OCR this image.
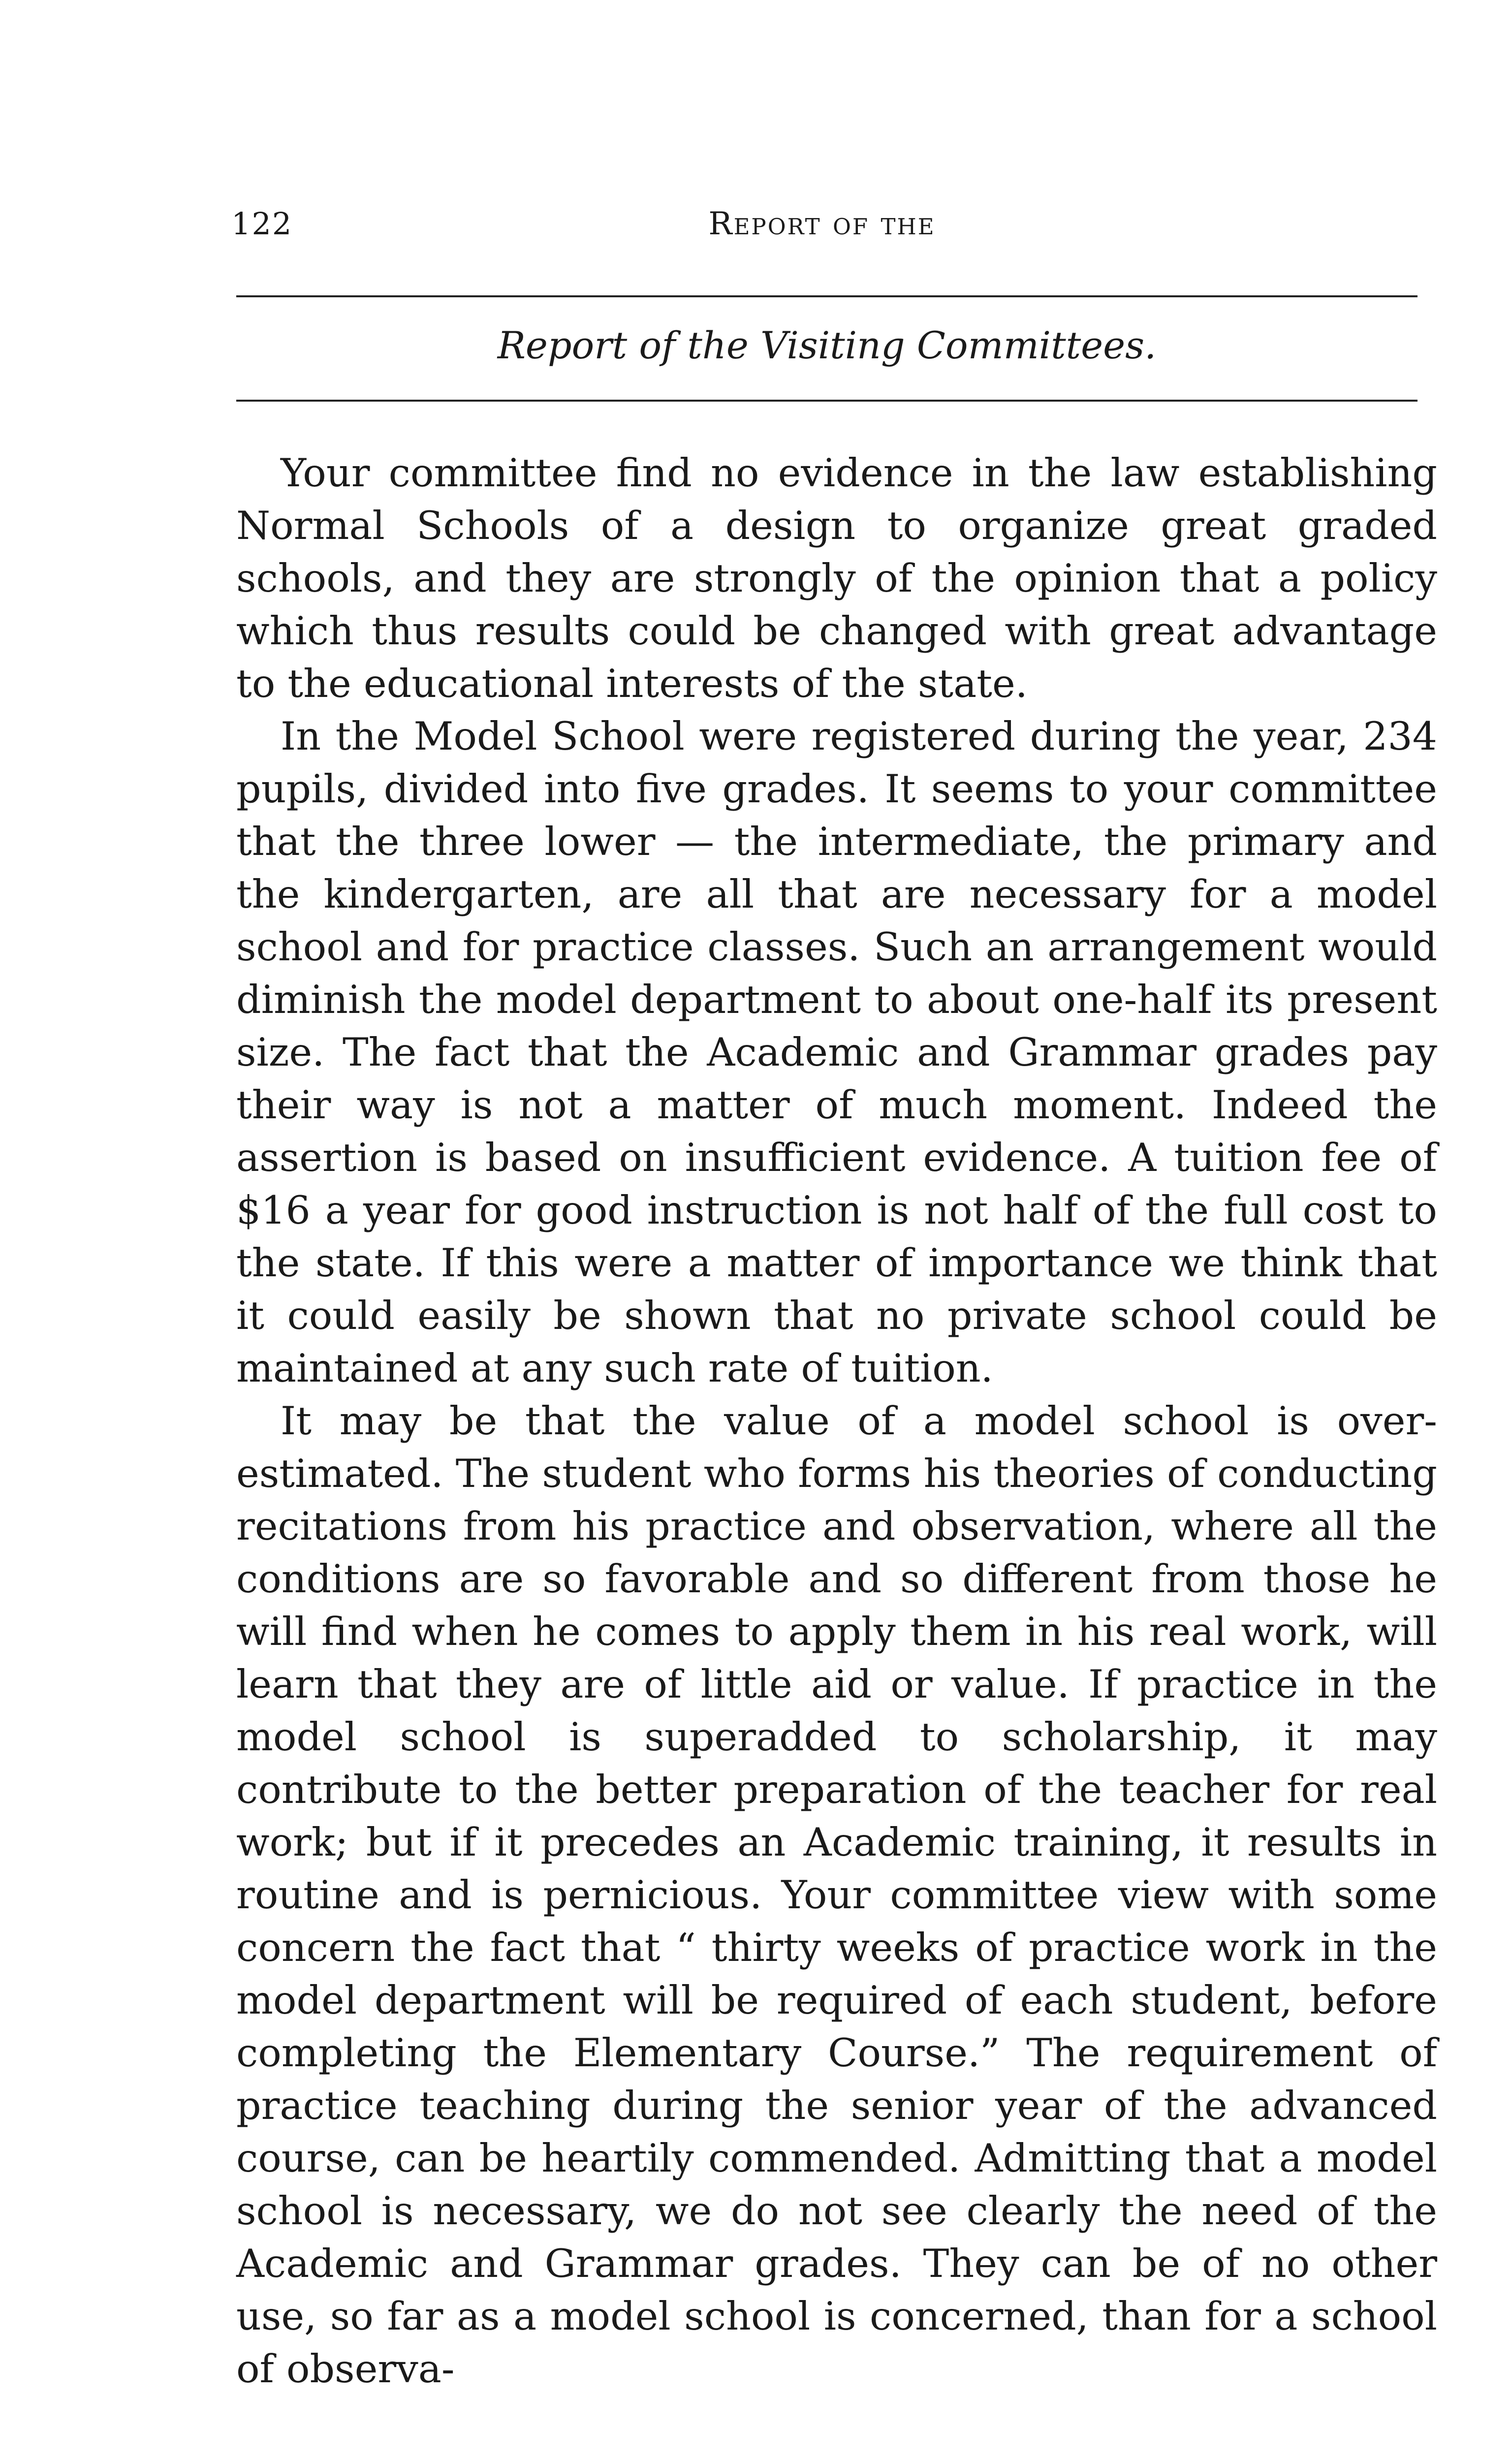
122	Report of the
Report of the Visiting Committees.

Your committee find no evidence in the law establishing Normal Schools of a design to organize great graded schools, and they are strongly of the opinion that a policy which thus results could be changed with great advantage to the educational interests of the state.

In the Model School were registered during the year, 234 pupils, divided into five grades. It seems to your committee that the three lower — the intermediate, the primary and the kindergarten, are all that are necessary for a model school and for practice classes. Such an arrangement would diminish the model department to about one-half its present size. The fact that the Academic and Grammar grades pay their way is not a matter of much moment. Indeed the assertion is based on insufficient evidence. A tuition fee of $16 a year for good instruction is not half of the full cost to the state. If this were a matter of importance we think that it could easily be shown that no private school could be maintained at any such rate of tuition.

It may be that the value of a model school is over-estimated. The student who forms his theories of conducting recitations from his practice and observation, where all the conditions are so favorable and so different from those he will find when he comes to apply them in his real work, will learn that they are of little aid or value. If practice in the model school is superadded to scholarship, it may contribute to the better preparation of the teacher for real work; but if it precedes an Academic training, it results in routine and is pernicious. Your committee view with some concern the fact that “ thirty weeks of practice work in the model department will be required of each student, before completing the Elementary Course.” The requirement of practice teaching during the senior year of the advanced course, can be heartily commended. Admitting that a model school is necessary, we do not see clearly the need of the Academic and Grammar grades. They can be of no other use, so far as a model school is concerned, than for a school of observa-
